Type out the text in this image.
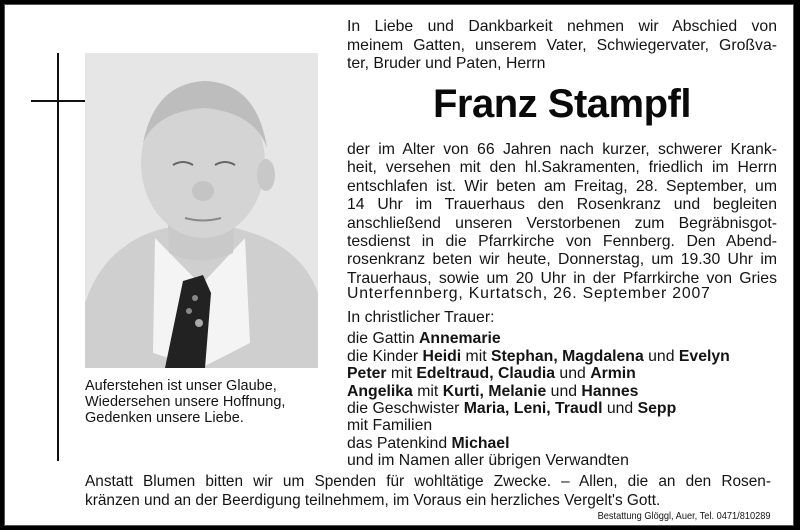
Auferstehen ist unser Glaube,
Wiedersehen unsere Hoffnung,
Gedenken unsere Liebe.
In Liebe und Dankbarkeit nehmen wir Abschied von
meinem Gatten, unserem Vater, Schwiegervater, Großva-
ter, Bruder und Paten, Herrn
Franz Stampfl
der im Alter von 66 Jahren nach kurzer, schwerer Krank-
heit, versehen mit den hl.Sakramenten, friedlich im Herrn
entschlafen ist. Wir beten am Freitag, 28. September, um
14 Uhr im Trauerhaus den Rosenkranz und begleiten
anschließend unseren Verstorbenen zum Begräbnisgot-
tesdienst in die Pfarrkirche von Fennberg. Den Abend-
rosenkranz beten wir heute, Donnerstag, um 19.30 Uhr im
Trauerhaus, sowie um 20 Uhr in der Pfarrkirche von Gries
Unterfennberg, Kurtatsch, 26. September 2007
In christlicher Trauer:
die Gattin Annemarie
die Kinder Heidi mit Stephan, Magdalena und Evelyn
Peter mit Edeltraud, Claudia und Armin
Angelika mit Kurti, Melanie und Hannes
die Geschwister Maria, Leni, Traudl und Sepp
mit Familien
das Patenkind Michael
und im Namen aller übrigen Verwandten
Anstatt Blumen bitten wir um Spenden für wohltätige Zwecke. – Allen, die an den Rosen-
kränzen und an der Beerdigung teilnehmem, im Voraus ein herzliches Vergelt's Gott.
Bestattung Glöggl, Auer, Tel. 0471/810289
